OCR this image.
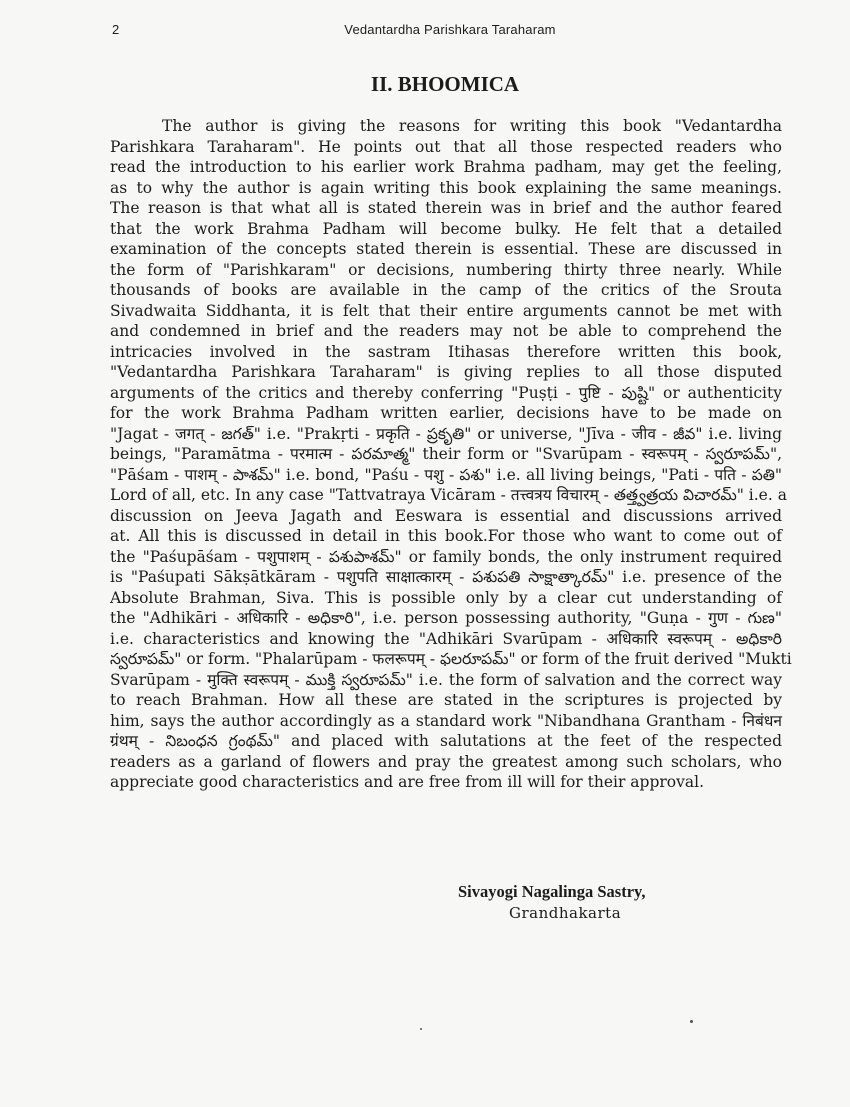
2	Vedantardha Parishkara Taraharam
II. BHOOMICA
The author is giving the reasons for writing this book "Vedantardha
Parishkara Taraharam". He points out that all those respected readers who
read the introduction to his earlier work Brahma padham, may get the feeling,
as to why the author is again writing this book explaining the same meanings.
The reason is that what all is stated therein was in brief and the author feared
that the work Brahma Padham will become bulky. He felt that a detailed
examination of the concepts stated therein is essential. These are discussed in
the form of "Parishkaram" or decisions, numbering thirty three nearly. While
thousands of books are available in the camp of the critics of the Srouta
Sivadwaita Siddhanta, it is felt that their entire arguments cannot be met with
and condemned in brief and the readers may not be able to comprehend the
intricacies involved in the sastram Itihasas therefore written this book,
"Vedantardha Parishkara Taraharam" is giving replies to all those disputed
arguments of the critics and thereby conferring "Puṣṭi - पुष्टि - పుష్టి" or authenticity
for the work Brahma Padham written earlier, decisions have to be made on
"Jagat - जगत् - జగత్" i.e. "Prakṛti - प्रकृति - ప్రకృతి" or universe, "Jīva - जीव - జీవ" i.e. living
beings, "Paramātma - परमात्म - పరమాత్మ" their form or "Svarūpam - स्वरूपम् - స్వరూపమ్",
"Pāśam - पाशम् - పాశమ్" i.e. bond, "Paśu - पशु - పశు" i.e. all living beings, "Pati - पति - పతి"
Lord of all, etc. In any case "Tattvatraya Vicāram - तत्त्वत्रय विचारम् - తత్త్వత్రయ విచారమ్" i.e. a
discussion on Jeeva Jagath and Eeswara is essential and discussions arrived
at. All this is discussed in detail in this book.For those who want to come out of
the "Paśupāśam - पशुपाशम् - పశుపాశమ్" or family bonds, the only instrument required
is "Paśupati Sākṣātkāram - पशुपति साक्षात्कारम् - పశుపతి సాక్షాత్కారమ్" i.e. presence of the
Absolute Brahman, Siva. This is possible only by a clear cut understanding of
the "Adhikāri - अधिकारि - అధికారి", i.e. person possessing authority, "Guṇa - गुण - గుణ"
i.e. characteristics and knowing the "Adhikāri Svarūpam - अधिकारि स्वरूपम् - అధికారి
స్వరూపమ్" or form. "Phalarūpam - फलरूपम् - ఫలరూపమ్" or form of the fruit derived "Mukti
Svarūpam - मुक्ति स्वरूपम् - ముక్తి స్వరూపమ్" i.e. the form of salvation and the correct way
to reach Brahman. How all these are stated in the scriptures is projected by
him, says the author accordingly as a standard work "Nibandhana Grantham - निबंधन
ग्रंथम् - నిబంధన గ్రంథమ్" and placed with salutations at the feet of the respected
readers as a garland of flowers and pray the greatest among such scholars, who
appreciate good characteristics and are free from ill will for their approval.
Sivayogi Nagalinga Sastry,
Grandhakarta
